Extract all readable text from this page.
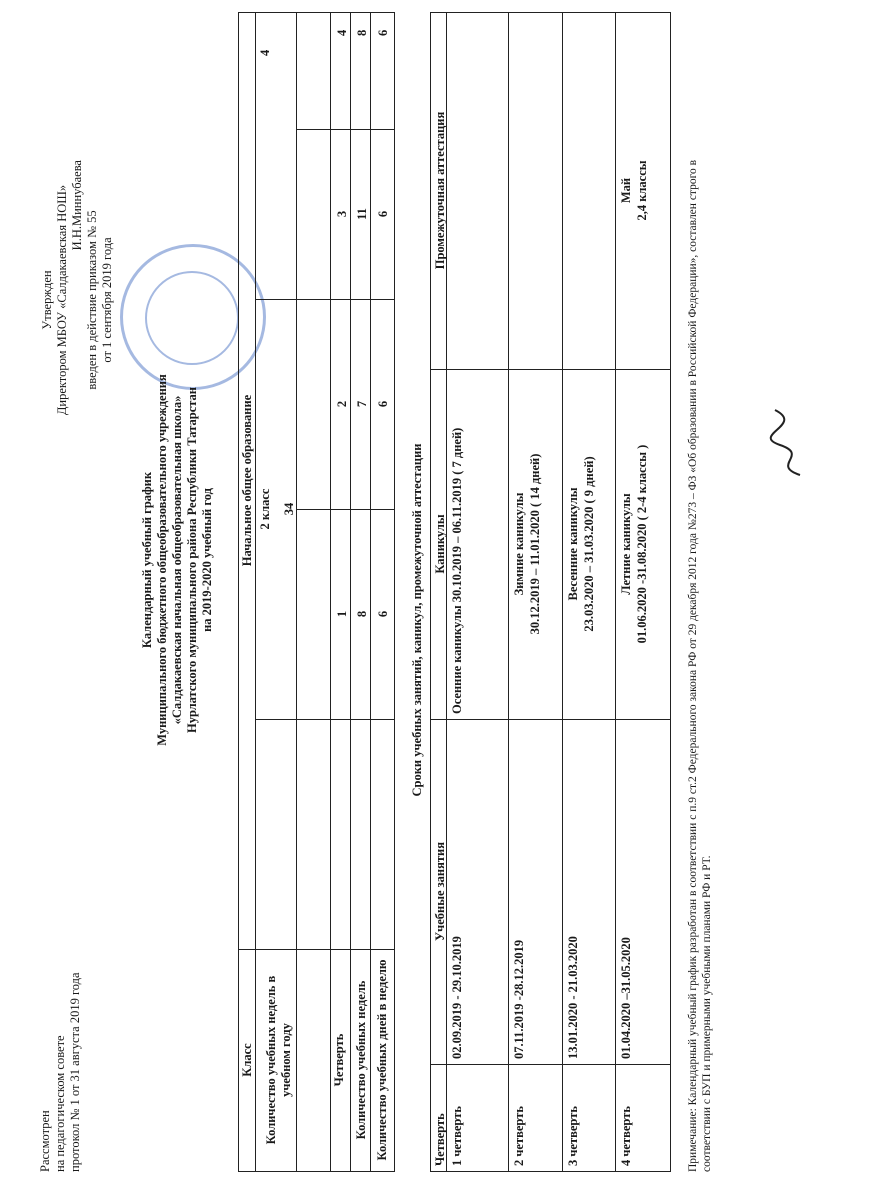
Рассмотрен на педагогическом совете протокол № 1 от 31 августа 2019 года
Утвержден Директором МБОУ «Салдакаевская НОШ» И.Н.Миннубаева
введен в действие приказом № 55 от 1 сентября 2019 года
Календарный учебный график Муниципального бюджетного общеобразовательного учреждения «Салдакаевская начальная общеобразовательная школа» Нурлатского муниципального района Республики Татарстан на 2019-2020 учебный год
Класс
Начальное общее образование
Количество учебных недель в учебном году
2 класс
4
34
Четверть
1
2
3
4
Количество учебных недель
8
7
11
8
Количество учебных дней в неделю
6
6
6
6
Сроки учебных занятий, каникул, промежуточной аттестации
Четверть
Учебные занятия
Каникулы
Промежуточная аттестация
1 четверть
02.09.2019 - 29.10.2019
Осенние каникулы 30.10.2019 – 06.11.2019 ( 7 дней)
2 четверть
07.11.2019 -28.12.2019
Зимние каникулы 30.12.2019 – 11.01.2020 ( 14 дней)
3 четверть
13.01.2020 - 21.03.2020
Весенние каникулы 23.03.2020 – 31.03.2020 ( 9 дней)
4 четверть
01.04.2020 –31.05.2020
Летние каникулы 01.06.2020 -31.08.2020 ( 2-4 классы )
Май 2,4 классы	Примечание: Календарный учебный график разработан в соответствии с п.9 ст.2 Федерального закона РФ от 29 декабря 2012 года №273 – ФЗ «Об образовании в Российской Федерации», составлен строго в соответствии с БУП и примерными учебными планами РФ и РТ.
